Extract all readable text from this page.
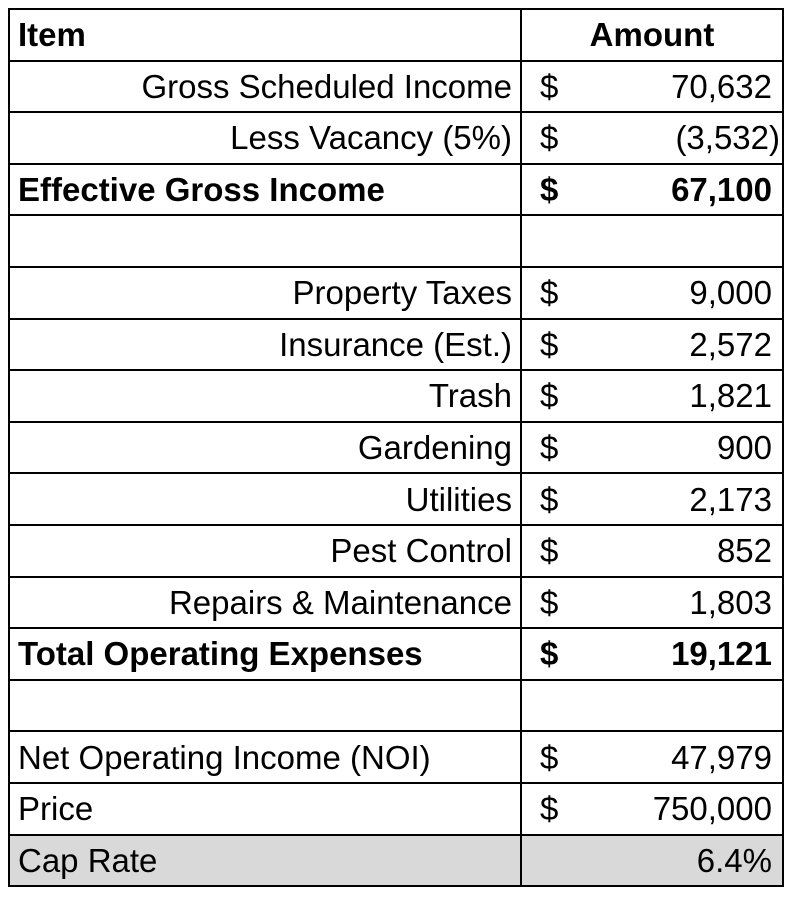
Item	Amount
Gross Scheduled Income	$ 70,632

Less Vacancy (5%)	$ (3,532)

Effective Gross Income	$ 67,100

Property Taxes	$ 9,000

Insurance (Est.)	$ 2,572

Trash	$ 1,821

Gardening	$ 900

Utilities	$ 2,173

Pest Control	$ 852

Repairs & Maintenance	$ 1,803

Total Operating Expenses	$ 19,121

Net Operating Income (NOI)	$ 47,979

Price	$ 750,000

Cap Rate	6.4%
